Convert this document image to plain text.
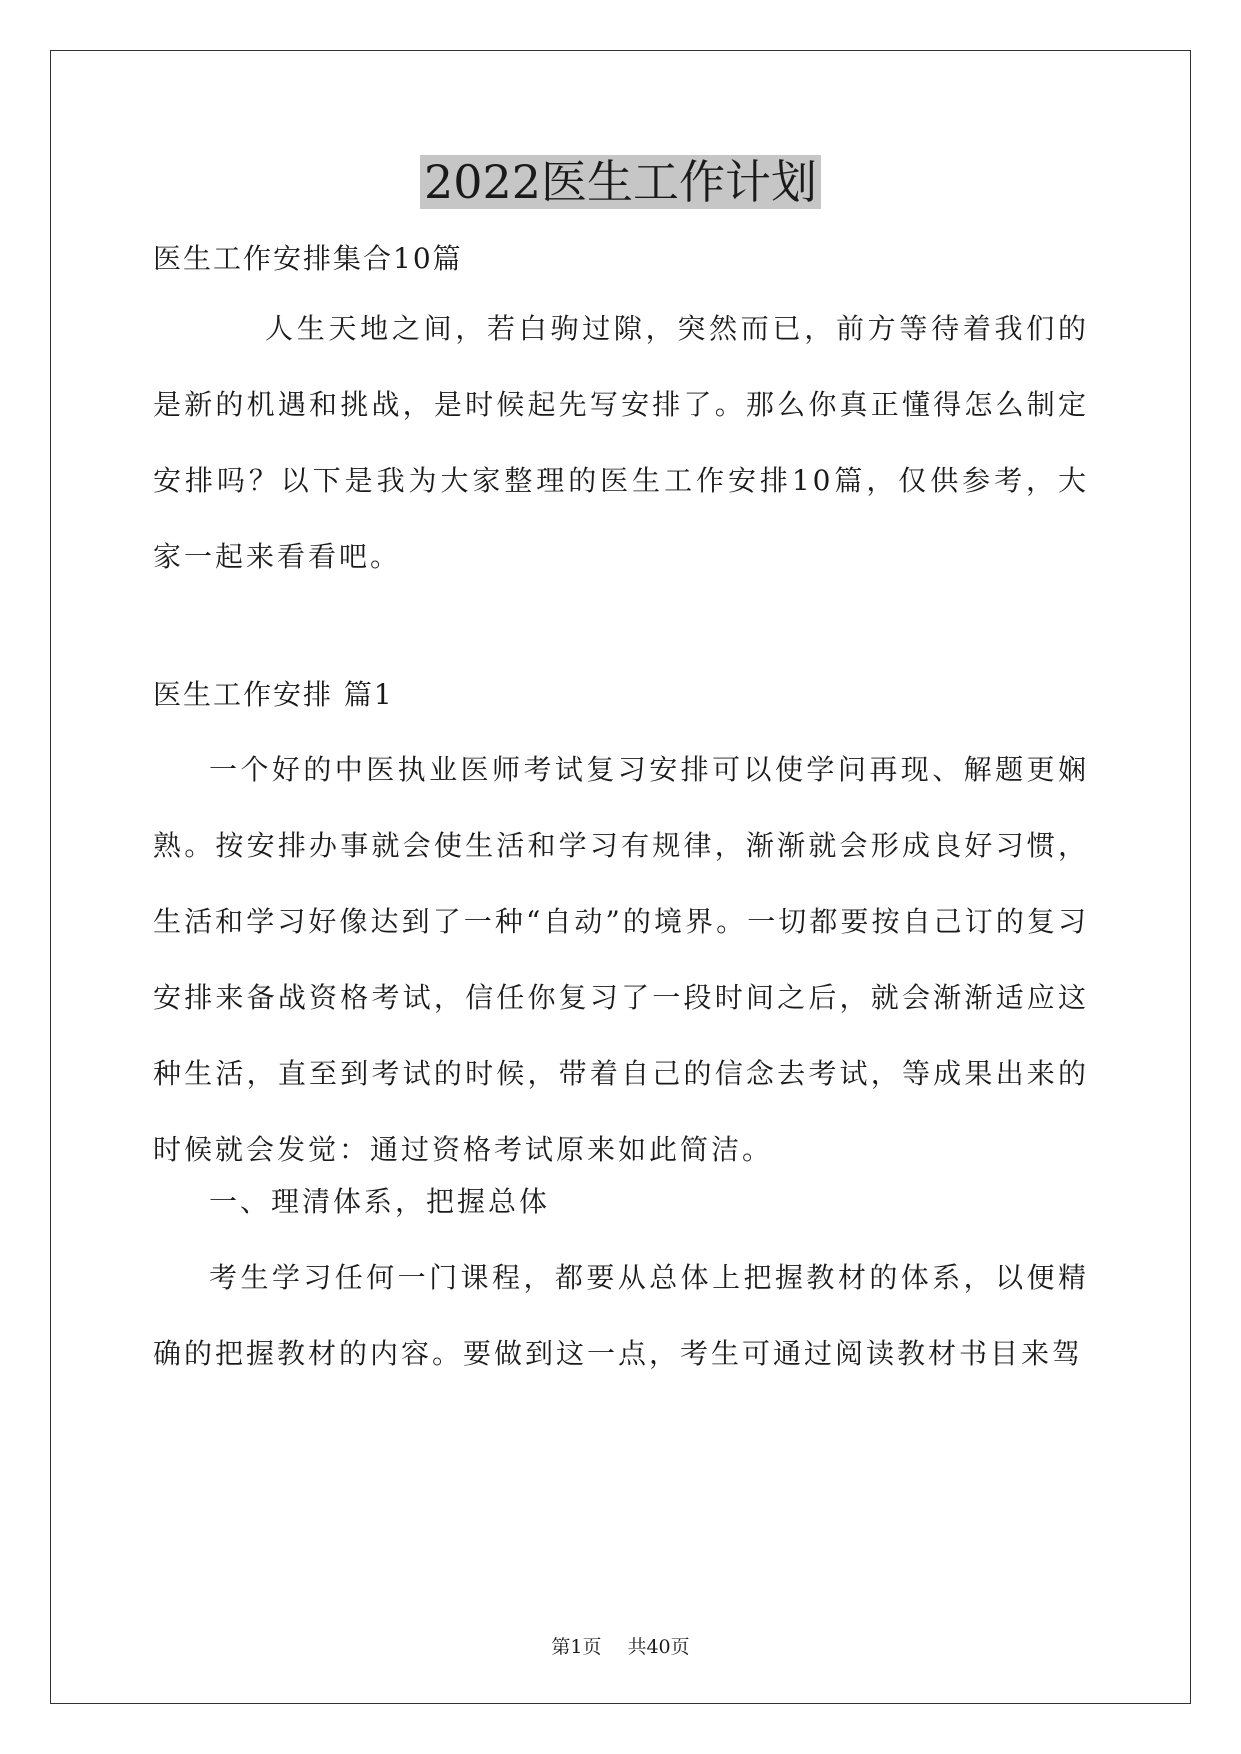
2022医生工作计划
医生工作安排集合10篇

人生天地之间，若白驹过隙，突然而已，前方等待着我们的是新的机遇和挑战，是时候起先写安排了。那么你真正懂得怎么制定安排吗？以下是我为大家整理的医生工作安排10篇，仅供参考，大家一起来看看吧。

医生工作安排 篇1

一个好的中医执业医师考试复习安排可以使学问再现、解题更娴熟。按安排办事就会使生活和学习有规律，渐渐就会形成良好习惯，生活和学习好像达到了一种“自动”的境界。一切都要按自己订的复习安排来备战资格考试，信任你复习了一段时间之后，就会渐渐适应这种生活，直至到考试的时候，带着自己的信念去考试，等成果出来的时候就会发觉：通过资格考试原来如此简洁。

一、理清体系，把握总体

考生学习任何一门课程，都要从总体上把握教材的体系，以便精确的把握教材的内容。要做到这一点，考生可通过阅读教材书目来驾

第1页 共40页
